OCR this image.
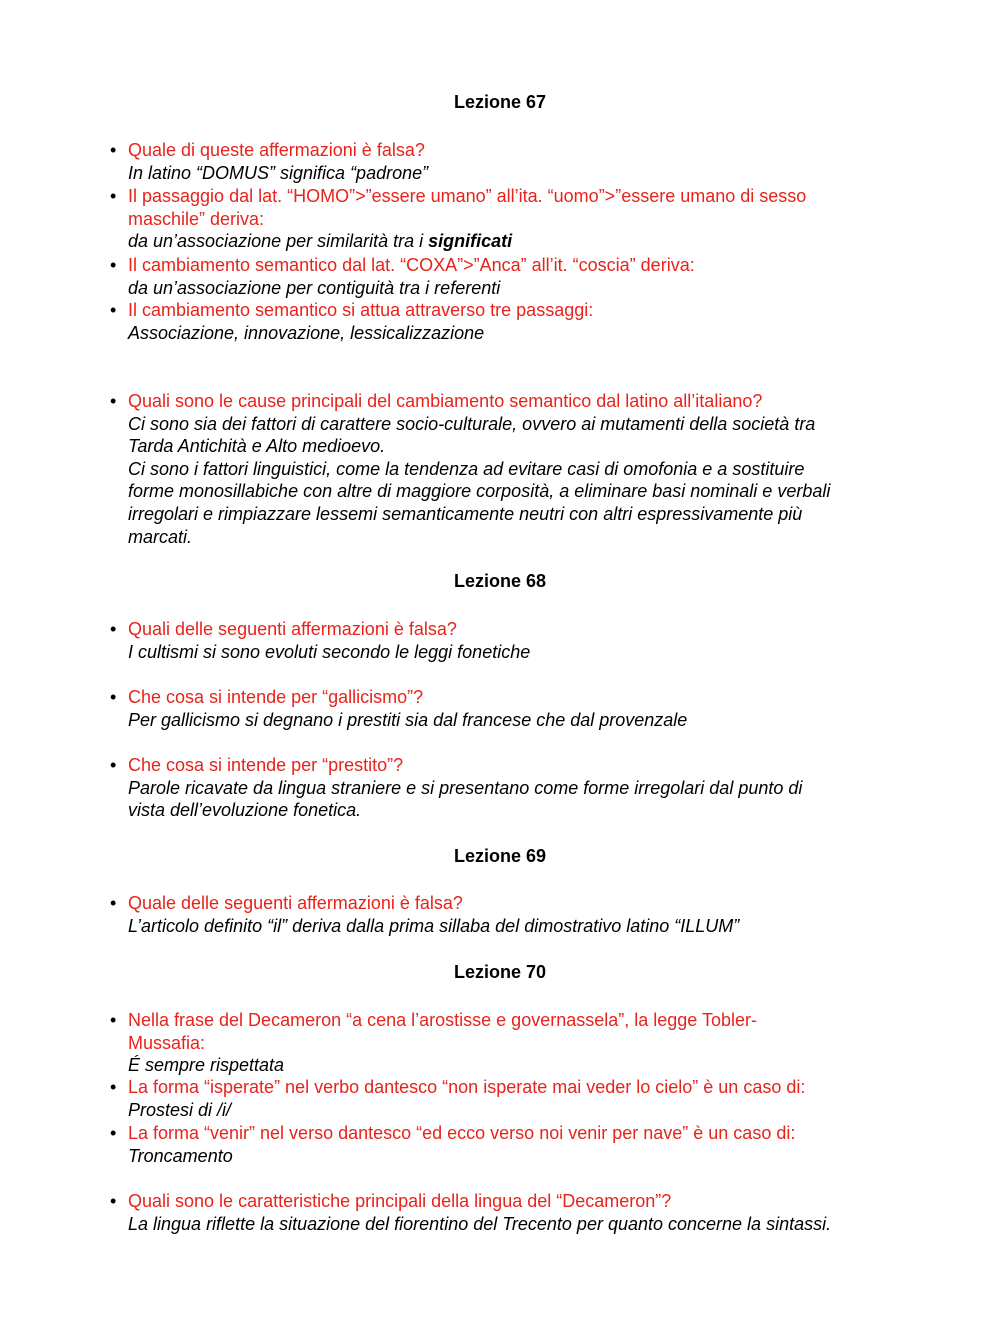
Lezione 67
• Quale di queste affermazioni è falsa?
In latino “DOMUS” significa “padrone”
• Il passaggio dal lat. “HOMO”>”essere umano” all’ita. “uomo”>”essere umano di sesso
maschile” deriva:
da un’associazione per similarità tra i significati
• Il cambiamento semantico dal lat. “COXA”>”Anca” all’it. “coscia” deriva:
da un’associazione per contiguità tra i referenti
• Il cambiamento semantico si attua attraverso tre passaggi:
Associazione, innovazione, lessicalizzazione
• Quali sono le cause principali del cambiamento semantico dal latino all’italiano?
Ci sono sia dei fattori di carattere socio-culturale, ovvero ai mutamenti della società tra
Tarda Antichità e Alto medioevo.
Ci sono i fattori linguistici, come la tendenza ad evitare casi di omofonia e a sostituire
forme monosillabiche con altre di maggiore corposità, a eliminare basi nominali e verbali
irregolari e rimpiazzare lessemi semanticamente neutri con altri espressivamente più
marcati.
Lezione 68
• Quali delle seguenti affermazioni è falsa?
I cultismi si sono evoluti secondo le leggi fonetiche
• Che cosa si intende per “gallicismo”?
Per gallicismo si degnano i prestiti sia dal francese che dal provenzale
• Che cosa si intende per “prestito”?
Parole ricavate da lingua straniere e si presentano come forme irregolari dal punto di
vista dell’evoluzione fonetica.
Lezione 69
• Quale delle seguenti affermazioni è falsa?
L’articolo definito “il” deriva dalla prima sillaba del dimostrativo latino “ILLUM”
Lezione 70
• Nella frase del Decameron “a cena l’arostisse e governassela”, la legge Tobler-
Mussafia:
É sempre rispettata
• La forma “isperate” nel verbo dantesco “non isperate mai veder lo cielo” è un caso di:
Prostesi di /i/
• La forma “venir” nel verso dantesco “ed ecco verso noi venir per nave” è un caso di:
Troncamento
• Quali sono le caratteristiche principali della lingua del “Decameron”?
La lingua riflette la situazione del fiorentino del Trecento per quanto concerne la sintassi.
